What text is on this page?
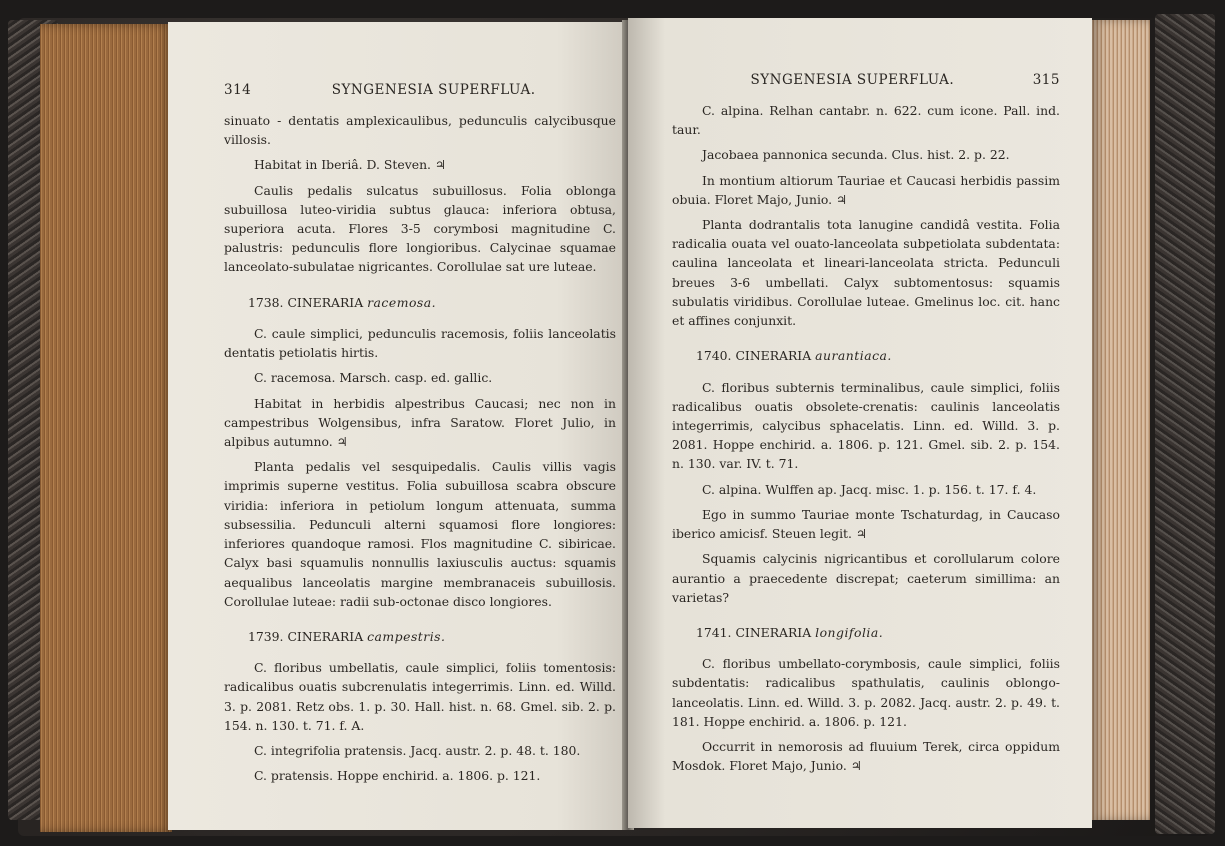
314	SYNGENESIA SUPERFLUA.

sinuato - dentatis amplexicaulibus, pedunculis calycibusque villosis.

Habitat in Iberiâ. D. Steven. ♃

Caulis pedalis sulcatus subuillosus. Folia oblonga subuillosa luteo-viridia subtus glauca: inferiora obtusa, superiora acuta. Flores 3-5 corymbosi magnitudine C. palustris: pedunculis flore longioribus. Calycinae squamae lanceolato-subulatae nigricantes. Corollulae sat ure luteae.

1738. CINERARIA racemosa.

C. caule simplici, pedunculis racemosis, foliis lanceolatis dentatis petiolatis hirtis.

C. racemosa. Marsch. casp. ed. gallic.

Habitat in herbidis alpestribus Caucasi; nec non in campestribus Wolgensibus, infra Saratow. Floret Julio, in alpibus autumno. ♃

Planta pedalis vel sesquipedalis. Caulis villis vagis imprimis superne vestitus. Folia subuillosa scabra obscure viridia: inferiora in petiolum longum attenuata, summa subsessilia. Pedunculi alterni squamosi flore longiores: inferiores quandoque ramosi. Flos magnitudine C. sibiricae. Calyx basi squamulis nonnullis laxiusculis auctus: squamis aequalibus lanceolatis margine membranaceis subuillosis. Corollulae luteae: radii sub-octonae disco longiores.

1739. CINERARIA campestris.

C. floribus umbellatis, caule simplici, foliis tomentosis: radicalibus ouatis subcrenulatis integerrimis. Linn. ed. Willd. 3. p. 2081. Retz obs. 1. p. 30. Hall. hist. n. 68. Gmel. sib. 2. p. 154. n. 130. t. 71. f. A.

C. integrifolia pratensis. Jacq. austr. 2. p. 48. t. 180.

C. pratensis. Hoppe enchirid. a. 1806. p. 121.

SYNGENESIA SUPERFLUA.	315

C. alpina. Relhan cantabr. n. 622. cum icone. Pall. ind. taur.

Jacobaea pannonica secunda. Clus. hist. 2. p. 22.

In montium altiorum Tauriae et Caucasi herbidis passim obuia. Floret Majo, Junio. ♃

Planta dodrantalis tota lanugine candidâ vestita. Folia radicalia ouata vel ouato-lanceolata subpetiolata subdentata: caulina lanceolata et lineari-lanceolata stricta. Pedunculi breues 3-6 umbellati. Calyx subtomentosus: squamis subulatis viridibus. Corollulae luteae. Gmelinus loc. cit. hanc et affines conjunxit.

1740. CINERARIA aurantiaca.

C. floribus subternis terminalibus, caule simplici, foliis radicalibus ouatis obsolete-crenatis: caulinis lanceolatis integerrimis, calycibus sphacelatis. Linn. ed. Willd. 3. p. 2081. Hoppe enchirid. a. 1806. p. 121. Gmel. sib. 2. p. 154. n. 130. var. IV. t. 71.

C. alpina. Wulffen ap. Jacq. misc. 1. p. 156. t. 17. f. 4.

Ego in summo Tauriae monte Tschaturdag, in Caucaso iberico amicisf. Steuen legit. ♃

Squamis calycinis nigricantibus et corollularum colore aurantio a praecedente discrepat; caeterum simillima: an varietas?

1741. CINERARIA longifolia.

C. floribus umbellato-corymbosis, caule simplici, foliis subdentatis: radicalibus spathulatis, caulinis oblongo-lanceolatis. Linn. ed. Willd. 3. p. 2082. Jacq. austr. 2. p. 49. t. 181. Hoppe enchirid. a. 1806. p. 121.

Occurrit in nemorosis ad fluuium Terek, circa oppidum Mosdok. Floret Majo, Junio. ♃
